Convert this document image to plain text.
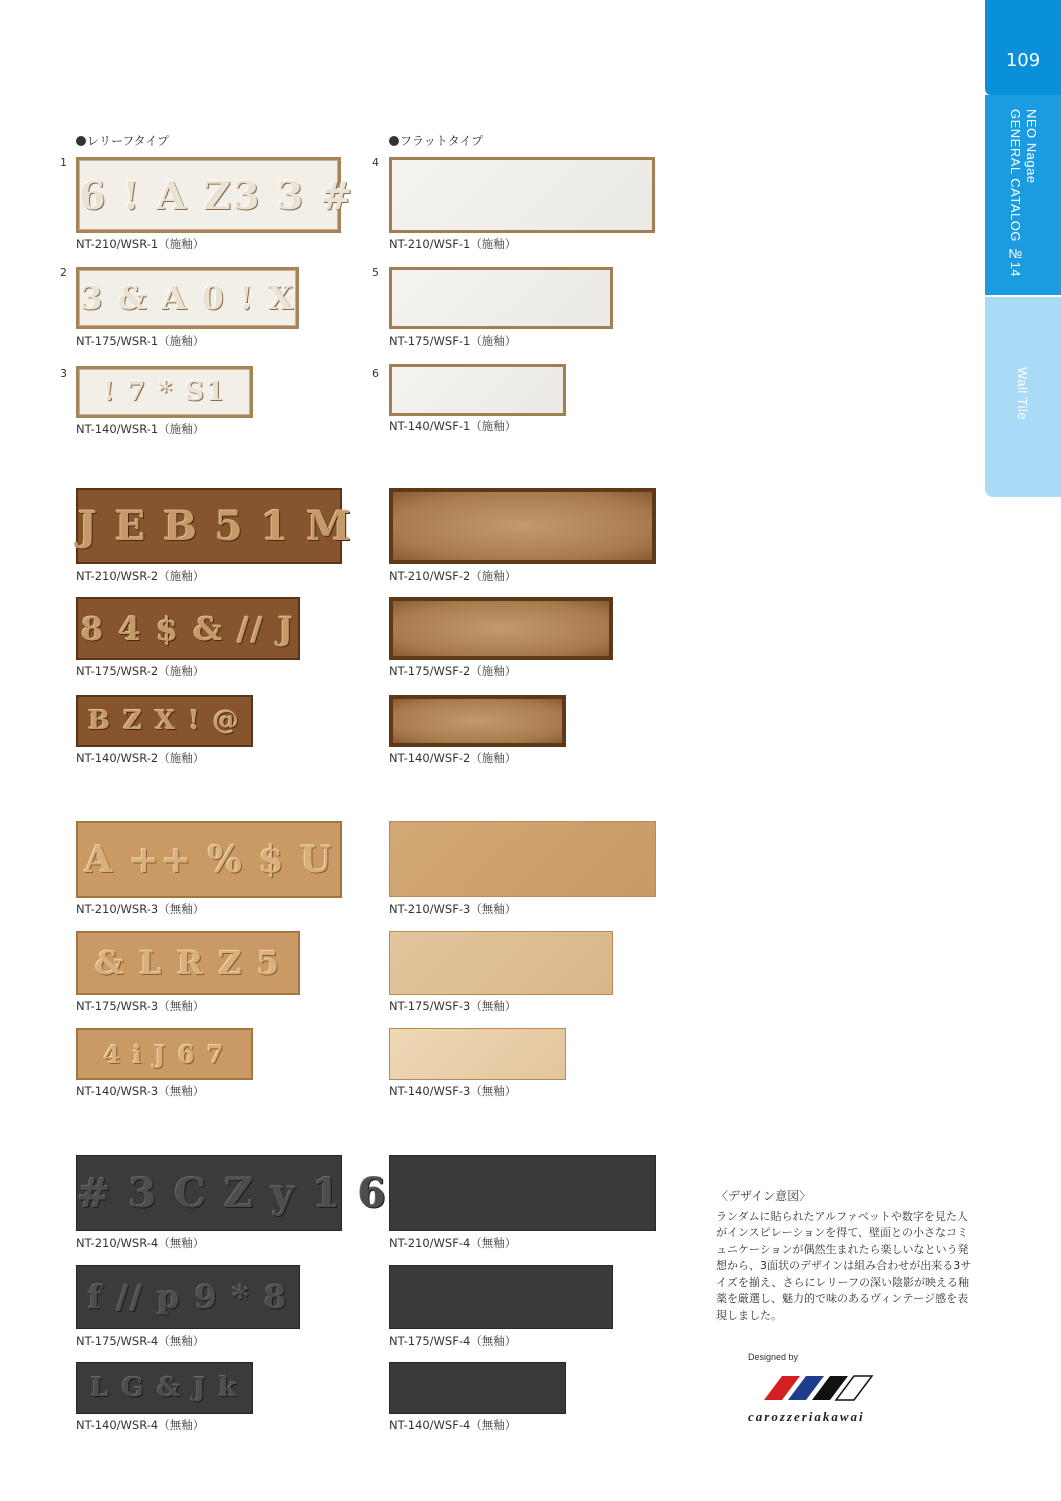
109
NEO Nagae
GENERAL CATALOG №14
Wall Tile
レリーフタイプ	フラットタイプ
1
2
3
4
5
6
6 ! A Z3 3 #
NT-210/WSR-1（施釉）
3 & A 0 ! X
NT-175/WSR-1（施釉）
! 7 * S1
NT-140/WSR-1（施釉）
NT-210/WSF-1（施釉）
NT-175/WSF-1（施釉）
NT-140/WSF-1（施釉）
J E B 5 1 M
NT-210/WSR-2（施釉）
8 4 $ & // J
NT-175/WSR-2（施釉）
B Z X ! @
NT-140/WSR-2（施釉）
NT-210/WSF-2（施釉）
NT-175/WSF-2（施釉）
NT-140/WSF-2（施釉）
A ++ % $ U
NT-210/WSR-3（無釉）
& L R Z 5
NT-175/WSR-3（無釉）
4 i J 6 7
NT-140/WSR-3（無釉）
NT-210/WSF-3（無釉）
NT-175/WSF-3（無釉）
NT-140/WSF-3（無釉）
# 3 C Z y 1 6
NT-210/WSR-4（無釉）
f // p 9 * 8
NT-175/WSR-4（無釉）
L G & J k
NT-140/WSR-4（無釉）
NT-210/WSF-4（無釉）
NT-175/WSF-4（無釉）
NT-140/WSF-4（無釉）
〈デザイン意図〉
ランダムに貼られたアルファベットや数字を見た人がインスピレーションを得て、壁面との小さなコミュニケーションが偶然生まれたら楽しいなという発想から、3面状のデザインは組み合わせが出来る3サイズを揃え、さらにレリーフの深い陰影が映える釉薬を厳選し、魅力的で味のあるヴィンテージ感を表現しました。
Designed by
carozzeriakawai
